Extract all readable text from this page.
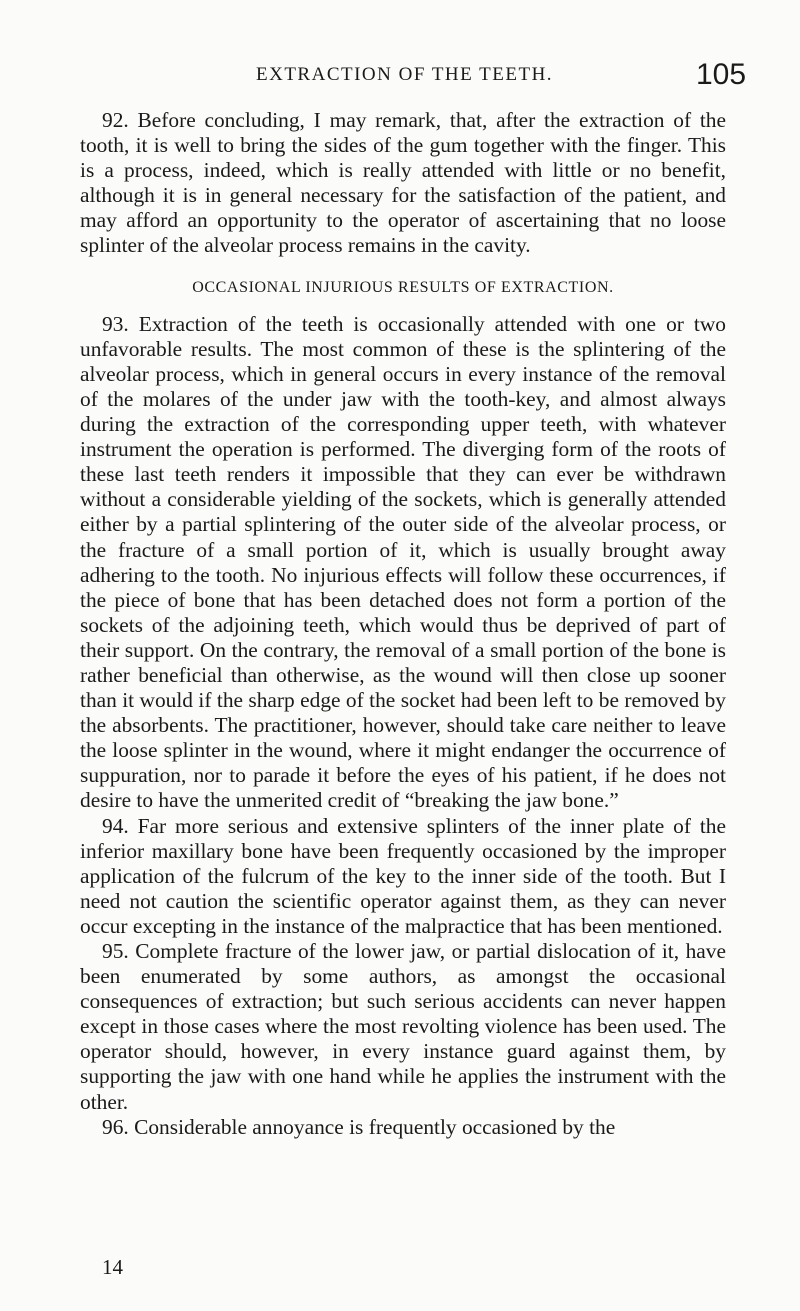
EXTRACTION OF THE TEETH.	105

92. Before concluding, I may remark, that, after the extraction of the tooth, it is well to bring the sides of the gum together with the finger. This is a process, indeed, which is really attended with little or no benefit, although it is in general necessary for the satisfaction of the patient, and may afford an opportunity to the operator of ascertaining that no loose splinter of the alveolar process remains in the cavity.

OCCASIONAL INJURIOUS RESULTS OF EXTRACTION.

93. Extraction of the teeth is occasionally attended with one or two unfavorable results. The most common of these is the splintering of the alveolar process, which in general occurs in every instance of the removal of the molares of the under jaw with the tooth-key, and almost always during the extraction of the corresponding upper teeth, with whatever instrument the operation is performed. The diverging form of the roots of these last teeth renders it impossible that they can ever be withdrawn without a considerable yielding of the sockets, which is generally attended either by a partial splintering of the outer side of the alveolar process, or the fracture of a small portion of it, which is usually brought away adhering to the tooth. No injurious effects will follow these occurrences, if the piece of bone that has been detached does not form a portion of the sockets of the adjoining teeth, which would thus be deprived of part of their support. On the contrary, the removal of a small portion of the bone is rather beneficial than otherwise, as the wound will then close up sooner than it would if the sharp edge of the socket had been left to be removed by the absorbents. The practitioner, however, should take care neither to leave the loose splinter in the wound, where it might endanger the occurrence of suppuration, nor to parade it before the eyes of his patient, if he does not desire to have the unmerited credit of “breaking the jaw bone.”

94. Far more serious and extensive splinters of the inner plate of the inferior maxillary bone have been frequently occasioned by the improper application of the fulcrum of the key to the inner side of the tooth. But I need not caution the scientific operator against them, as they can never occur excepting in the instance of the malpractice that has been mentioned.

95. Complete fracture of the lower jaw, or partial dislocation of it, have been enumerated by some authors, as amongst the occasional consequences of extraction; but such serious accidents can never happen except in those cases where the most revolting violence has been used. The operator should, however, in every instance guard against them, by supporting the jaw with one hand while he applies the instrument with the other.

96. Considerable annoyance is frequently occasioned by the

14
